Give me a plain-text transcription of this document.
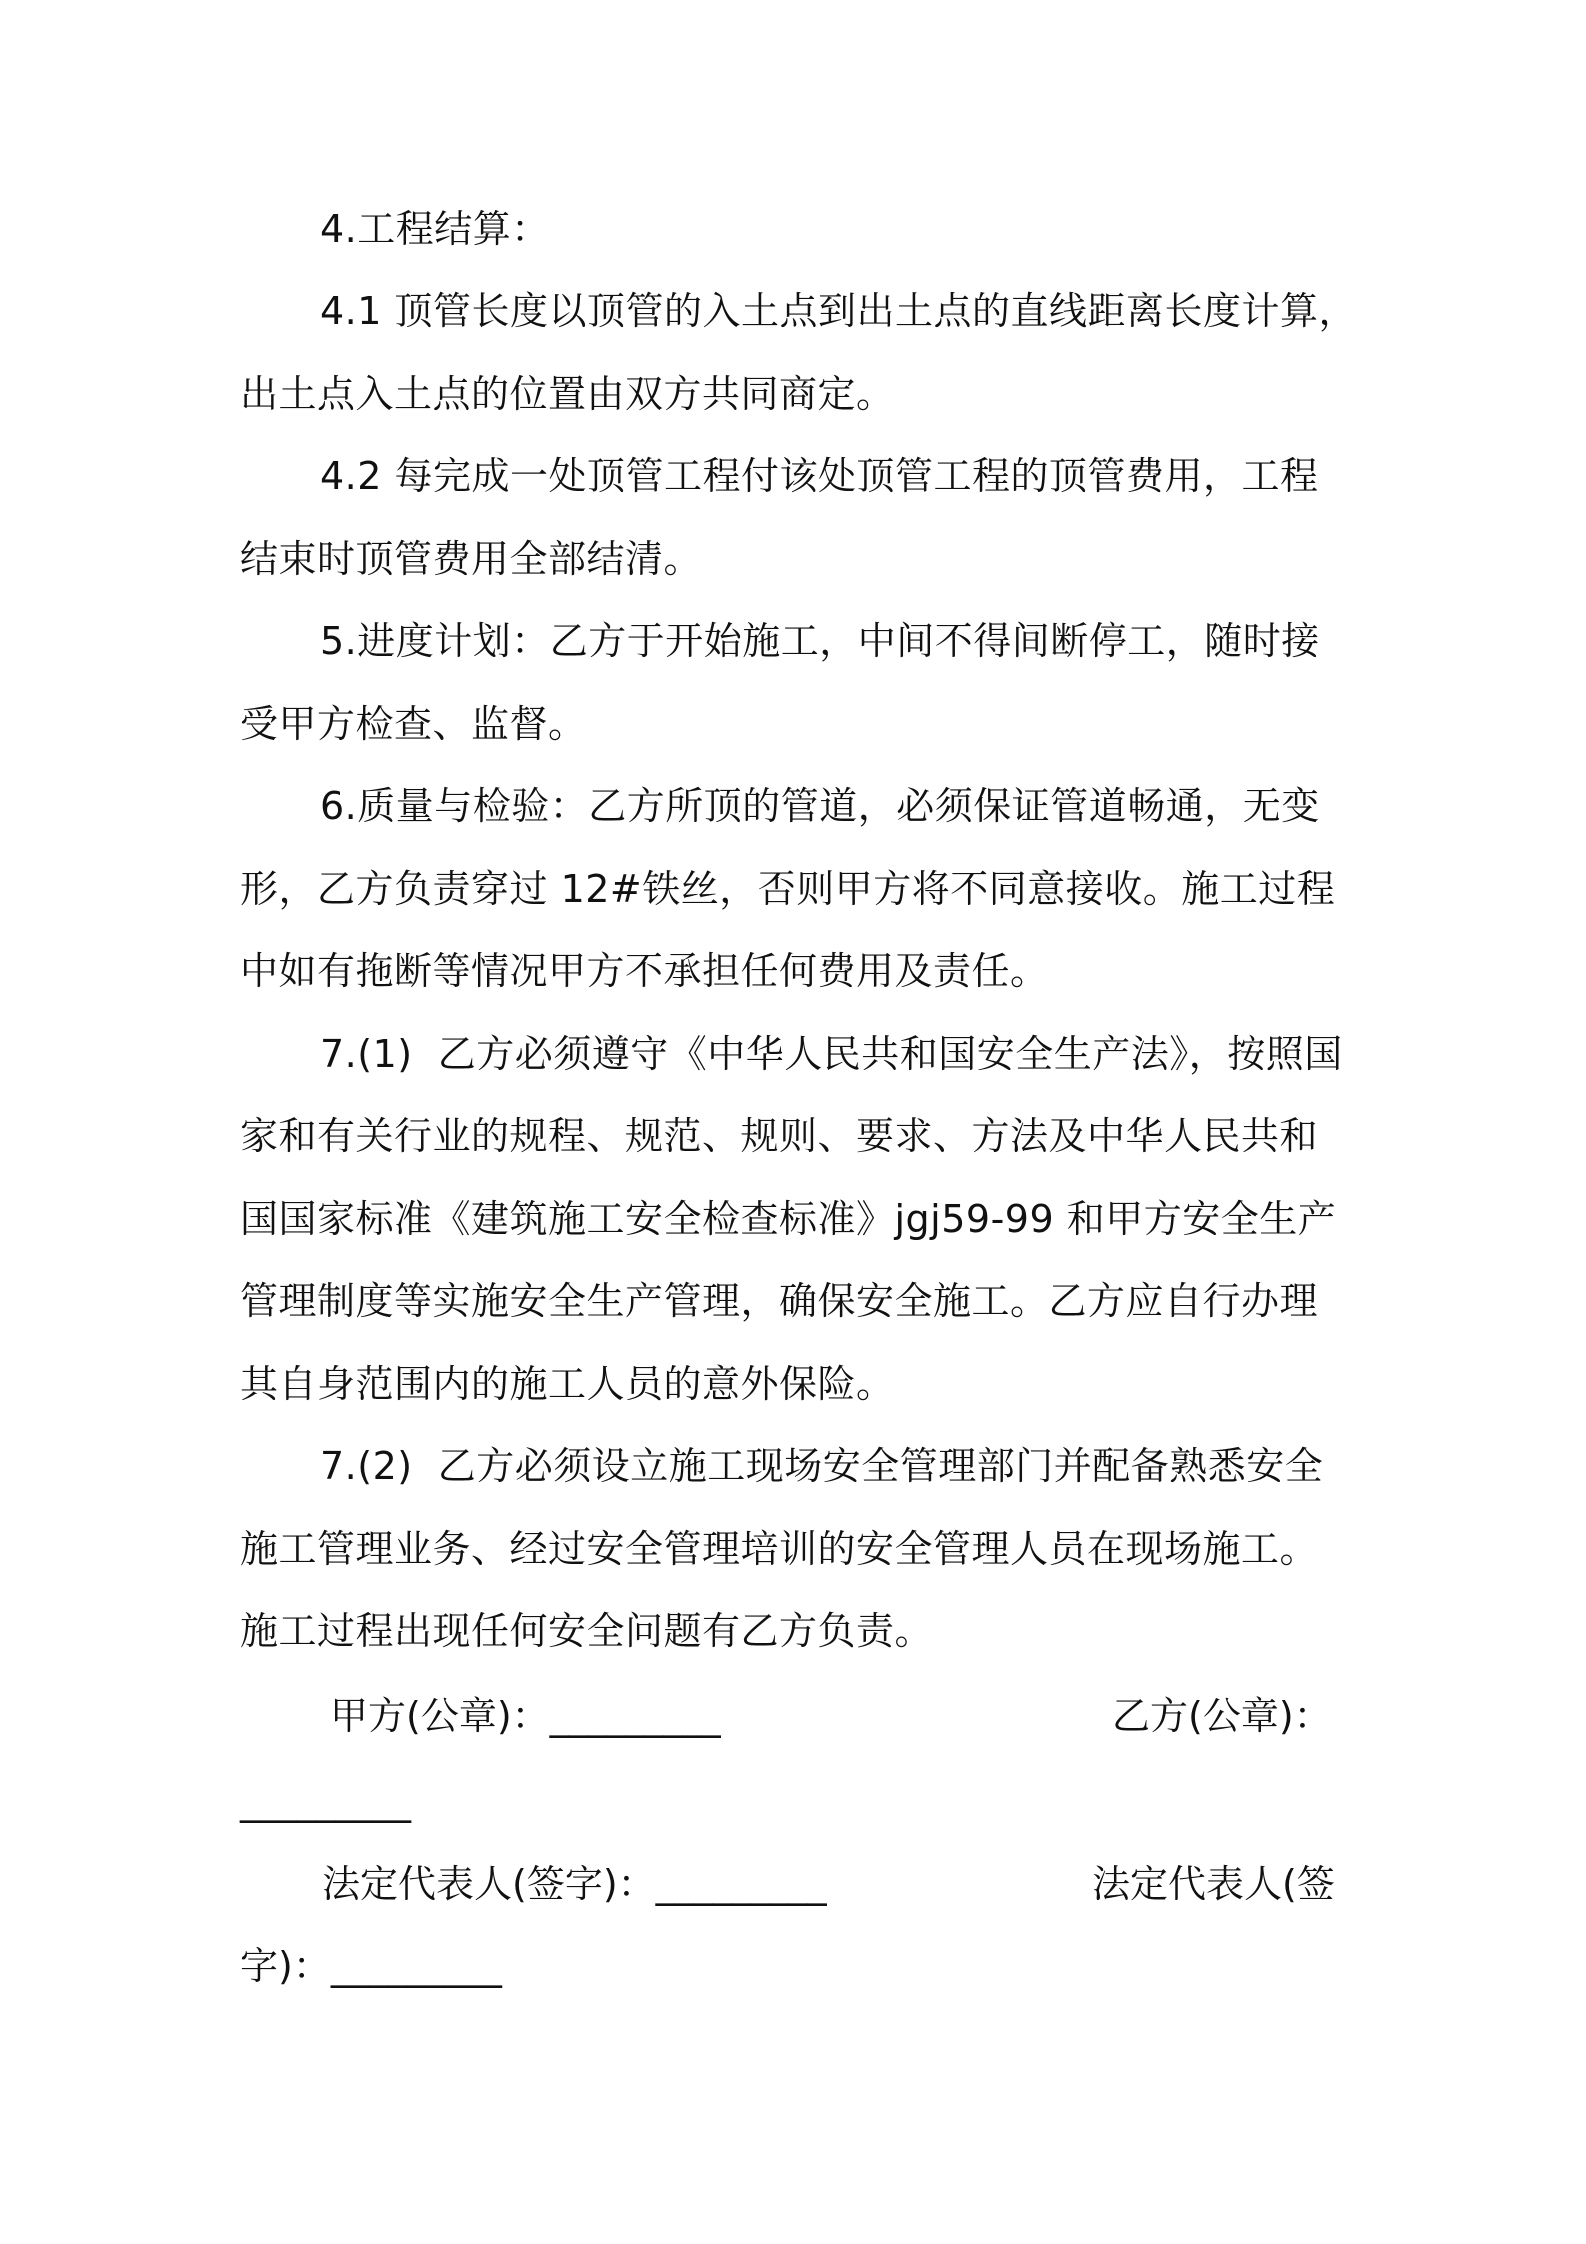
4.工程结算：
4.1 顶管长度以顶管的入土点到出土点的直线距离长度计算，
出土点入土点的位置由双方共同商定。
4.2 每完成一处顶管工程付该处顶管工程的顶管费用，工程
结束时顶管费用全部结清。
5.进度计划：乙方于开始施工，中间不得间断停工，随时接
受甲方检查、监督。
6.质量与检验：乙方所顶的管道，必须保证管道畅通，无变
形，乙方负责穿过 12#铁丝，否则甲方将不同意接收。施工过程
中如有拖断等情况甲方不承担任何费用及责任。
7.(1)  乙方必须遵守《中华人民共和国安全生产法》，按照国
家和有关行业的规程、规范、规则、要求、方法及中华人民共和
国国家标准《建筑施工安全检查标准》jgj59-99 和甲方安全生产
管理制度等实施安全生产管理，确保安全施工。乙方应自行办理
其自身范围内的施工人员的意外保险。
7.(2)  乙方必须设立施工现场安全管理部门并配备熟悉安全
施工管理业务、经过安全管理培训的安全管理人员在现场施工。
施工过程出现任何安全问题有乙方负责。
甲方(公章)：_________	乙方(公章)：
_________
法定代表人(签字)：_________	法定代表人(签
字)：_________
